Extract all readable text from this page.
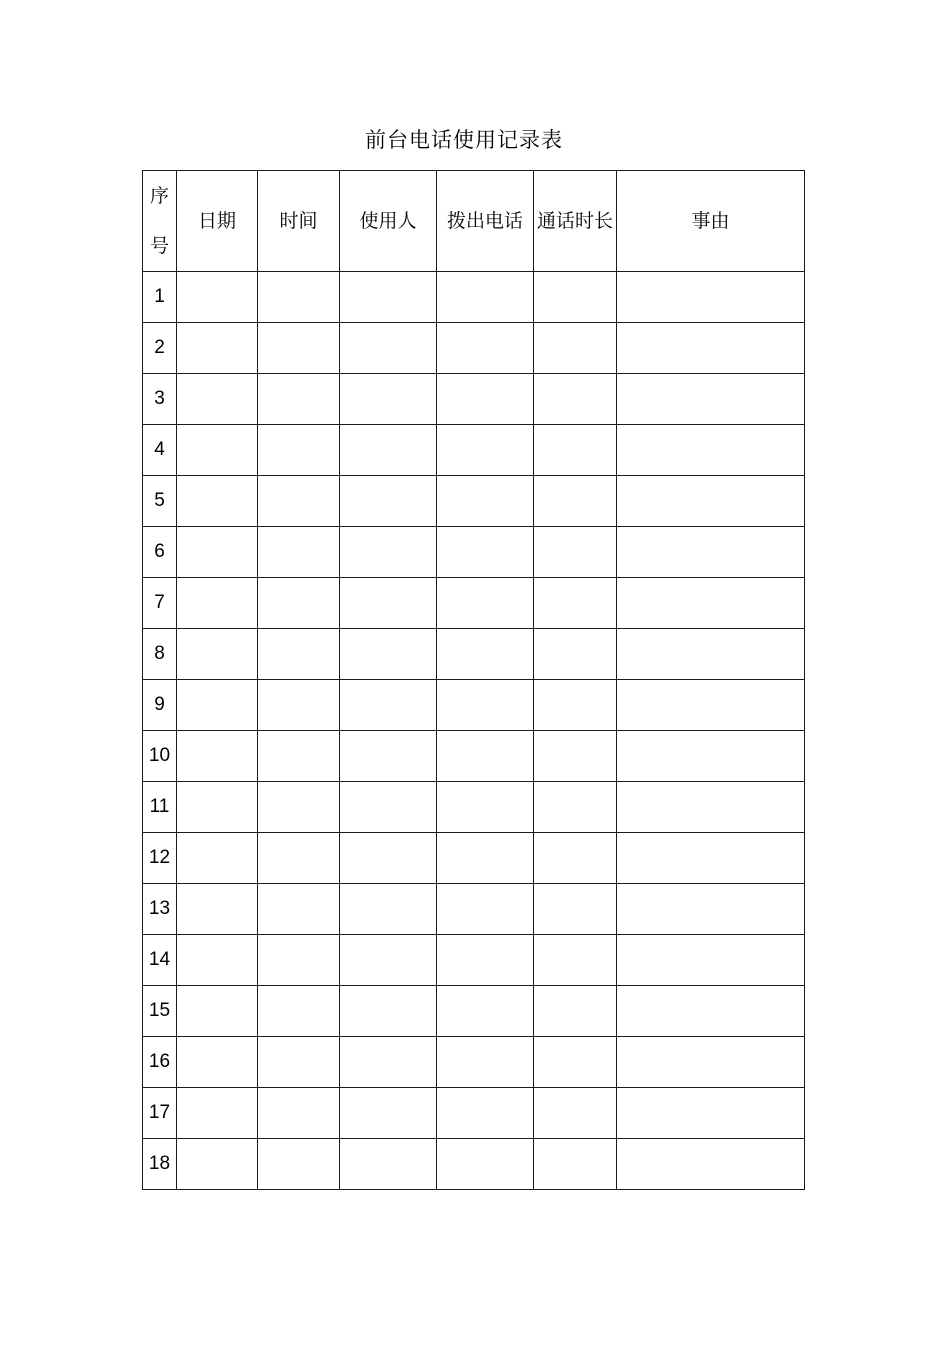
前台电话使用记录表
序号	日期	时间	使用人	拨出电话	通话时长	事由
1						
2						
3						
4						
5						
6						
7						
8						
9						
10						
11						
12						
13						
14						
15						
16						
17						
18						
